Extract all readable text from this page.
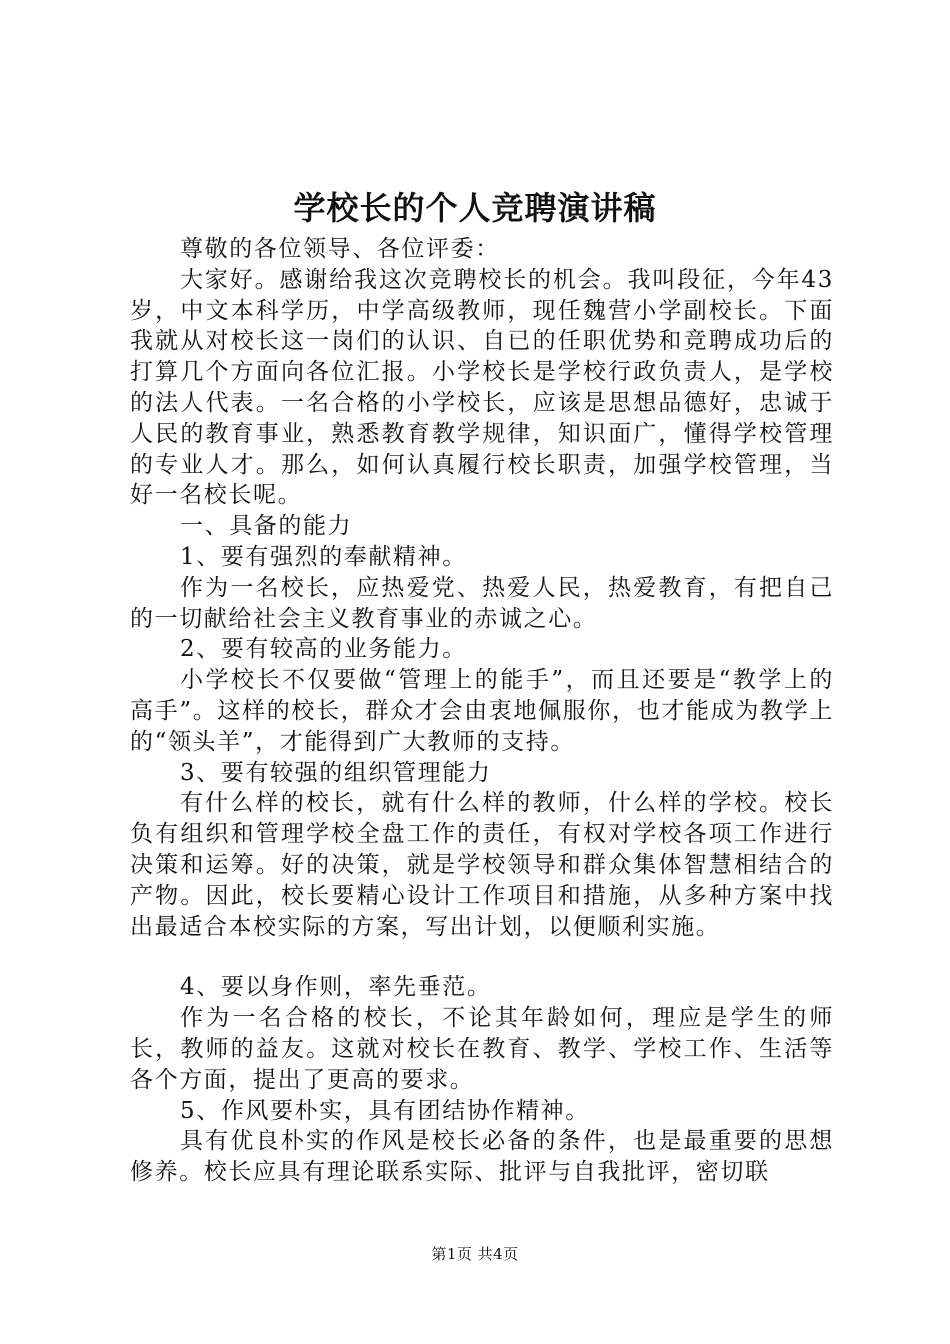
学校长的个人竞聘演讲稿

尊敬的各位领导、各位评委：

大家好。感谢给我这次竞聘校长的机会。我叫段征，今年43岁，中文本科学历，中学高级教师，现任魏营小学副校长。下面我就从对校长这一岗们的认识、自已的任职优势和竞聘成功后的打算几个方面向各位汇报。小学校长是学校行政负责人，是学校的法人代表。一名合格的小学校长，应该是思想品德好，忠诚于人民的教育事业，熟悉教育教学规律，知识面广，懂得学校管理的专业人才。那么，如何认真履行校长职责，加强学校管理，当好一名校长呢。

一、具备的能力

1、要有强烈的奉献精神。

作为一名校长，应热爱党、热爱人民，热爱教育，有把自己的一切献给社会主义教育事业的赤诚之心。

2、要有较高的业务能力。

小学校长不仅要做“管理上的能手”，而且还要是“教学上的高手”。这样的校长，群众才会由衷地佩服你，也才能成为教学上的“领头羊”，才能得到广大教师的支持。

3、要有较强的组织管理能力

有什么样的校长，就有什么样的教师，什么样的学校。校长负有组织和管理学校全盘工作的责任，有权对学校各项工作进行决策和运筹。好的决策，就是学校领导和群众集体智慧相结合的产物。因此，校长要精心设计工作项目和措施，从多种方案中找出最适合本校实际的方案，写出计划，以便顺利实施。

4、要以身作则，率先垂范。

作为一名合格的校长，不论其年龄如何，理应是学生的师长，教师的益友。这就对校长在教育、教学、学校工作、生活等各个方面，提出了更高的要求。

5、作风要朴实，具有团结协作精神。

具有优良朴实的作风是校长必备的条件，也是最重要的思想修养。校长应具有理论联系实际、批评与自我批评，密切联

第1页 共4页
